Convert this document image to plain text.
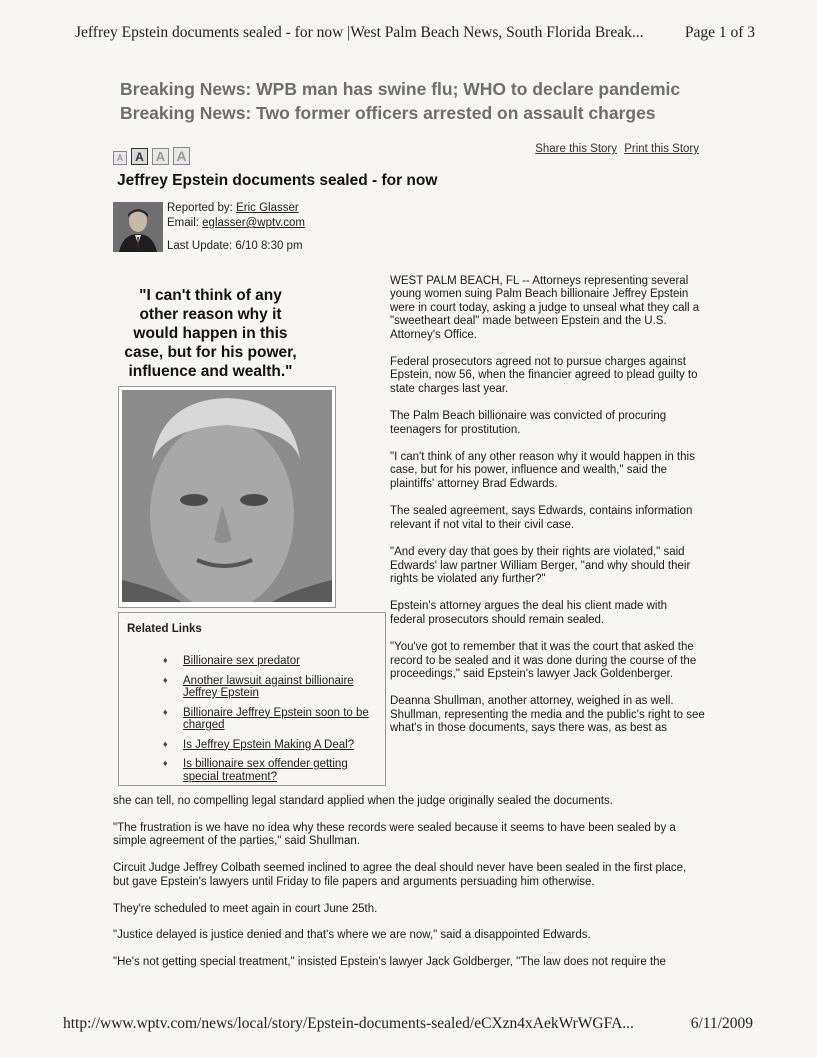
Jeffrey Epstein documents sealed - for now |West Palm Beach News, South Florida Break...	Page 1 of 3
Breaking News: WPB man has swine flu; WHO to declare pandemic
Breaking News: Two former officers arrested on assault charges
A A A A	Share this Story Print this Story
Jeffrey Epstein documents sealed - for now
Reported by: Eric Glasser
Email: eglasser@wptv.com
Last Update: 6/10 8:30 pm
"I can't think of any other reason why it would happen in this case, but for his power, influence and wealth."
Related Links
♦ Billionaire sex predator
♦ Another lawsuit against billionaire Jeffrey Epstein
♦ Billionaire Jeffrey Epstein soon to be charged
♦ Is Jeffrey Epstein Making A Deal?
♦ Is billionaire sex offender getting special treatment?

WEST PALM BEACH, FL -- Attorneys representing several young women suing Palm Beach billionaire Jeffrey Epstein were in court today, asking a judge to unseal what they call a "sweetheart deal" made between Epstein and the U.S. Attorney's Office.

Federal prosecutors agreed not to pursue charges against Epstein, now 56, when the financier agreed to plead guilty to state charges last year.

The Palm Beach billionaire was convicted of procuring teenagers for prostitution.

"I can't think of any other reason why it would happen in this case, but for his power, influence and wealth," said the plaintiffs' attorney Brad Edwards.

The sealed agreement, says Edwards, contains information relevant if not vital to their civil case.

"And every day that goes by their rights are violated," said Edwards' law partner William Berger, "and why should their rights be violated any further?"

Epstein's attorney argues the deal his client made with federal prosecutors should remain sealed.

"You've got to remember that it was the court that asked the record to be sealed and it was done during the course of the proceedings," said Epstein's lawyer Jack Goldenberger.

Deanna Shullman, another attorney, weighed in as well. Shullman, representing the media and the public's right to see what's in those documents, says there was, as best as

she can tell, no compelling legal standard applied when the judge originally sealed the documents.

"The frustration is we have no idea why these records were sealed because it seems to have been sealed by a simple agreement of the parties," said Shullman.

Circuit Judge Jeffrey Colbath seemed inclined to agree the deal should never have been sealed in the first place, but gave Epstein's lawyers until Friday to file papers and arguments persuading him otherwise.

They're scheduled to meet again in court June 25th.

"Justice delayed is justice denied and that's where we are now," said a disappointed Edwards.

"He's not getting special treatment," insisted Epstein's lawyer Jack Goldberger, "The law does not require the

http://www.wptv.com/news/local/story/Epstein-documents-sealed/eCXzn4xAekWrWGFA...	6/11/2009
